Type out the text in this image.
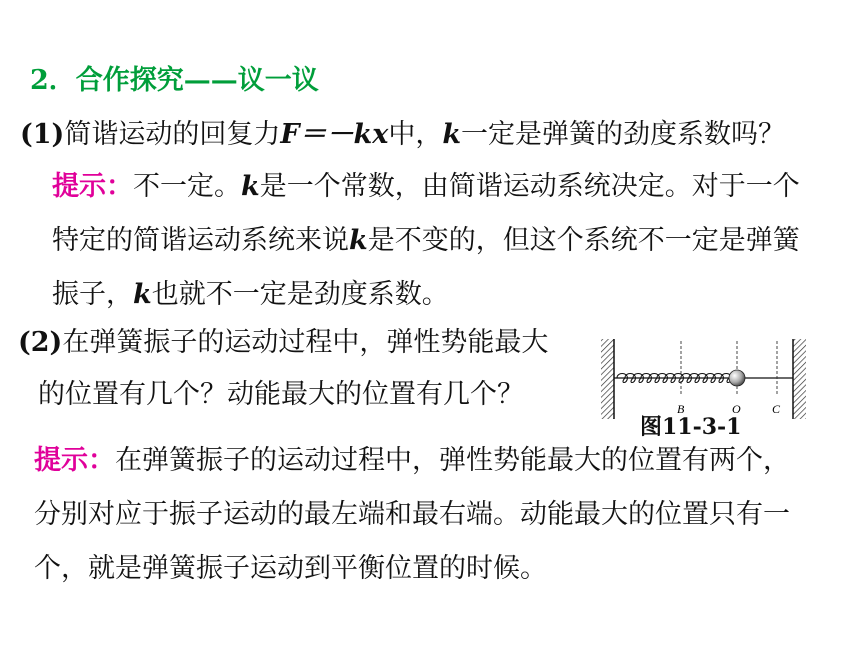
2．合作探究——议一议
(1)简谐运动的回复力F＝－kx中，k一定是弹簧的劲度系数吗？
提示：不一定。k是一个常数，由简谐运动系统决定。对于一个
特定的简谐运动系统来说k是不变的，但这个系统不一定是弹簧
振子，k也就不一定是劲度系数。
(2)在弹簧振子的运动过程中，弹性势能最大
的位置有几个？动能最大的位置有几个？	B	O	C
图11-3-1
提示：在弹簧振子的运动过程中，弹性势能最大的位置有两个，
分别对应于振子运动的最左端和最右端。动能最大的位置只有一
个，就是弹簧振子运动到平衡位置的时候。
